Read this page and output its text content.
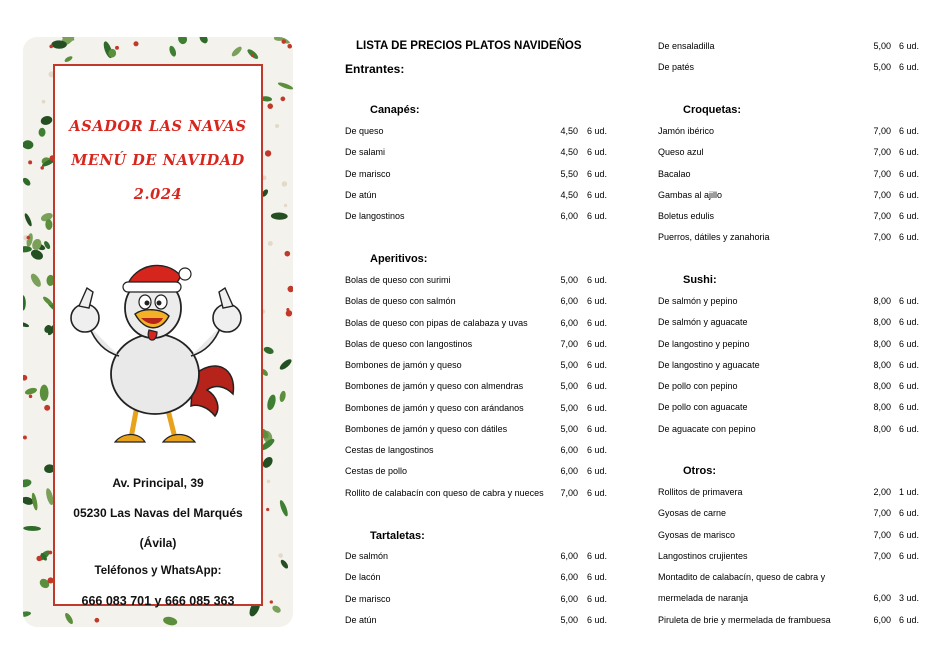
ASADOR LAS NAVAS
MENÚ DE NAVIDAD
2.024
Av. Principal, 39
05230 Las Navas del Marqués
(Ávila)
Teléfonos y WhatsApp:
666 083 701 y 666 085 363
LISTA DE PRECIOS PLATOS NAVIDEÑOS
Entrantes:
Canapés:
De queso	4,50 6 ud.
De salami	4,50 6 ud.
De marisco	5,50 6 ud.
De atún	4,50 6 ud.
De langostinos	6,00 6 ud.
Aperitivos:
Bolas de queso con surimi	5,00 6 ud.
Bolas de queso con salmón	6,00 6 ud.
Bolas de queso con pipas de calabaza y uvas	6,00 6 ud.
Bolas de queso con langostinos	7,00 6 ud.
Bombones de jamón y queso	5,00 6 ud.
Bombones de jamón y queso con almendras	5,00 6 ud.
Bombones de jamón y queso con arándanos	5,00 6 ud.
Bombones de jamón y queso con dátiles	5,00 6 ud.
Cestas de langostinos	6,00 6 ud.
Cestas de pollo	6,00 6 ud.
Rollito de calabacín con queso de cabra y nueces	7,00 6 ud.
Tartaletas:
De salmón	6,00 6 ud.
De lacón	6,00 6 ud.
De marisco	6,00 6 ud.
De atún	5,00 6 ud.
De ensaladilla	5,00 6 ud.
De patés	5,00 6 ud.
Croquetas:
Jamón ibérico	7,00 6 ud.
Queso azul	7,00 6 ud.
Bacalao	7,00 6 ud.
Gambas al ajillo	7,00 6 ud.
Boletus edulis	7,00 6 ud.
Puerros, dátiles y zanahoria	7,00 6 ud.
Sushi:
De salmón y pepino	8,00 6 ud.
De salmón y aguacate	8,00 6 ud.
De langostino y pepino	8,00 6 ud.
De langostino y aguacate	8,00 6 ud.
De pollo con pepino	8,00 6 ud.
De pollo con aguacate	8,00 6 ud.
De aguacate con pepino	8,00 6 ud.
Otros:
Rollitos de primavera	2,00 1 ud.
Gyosas de carne	7,00 6 ud.
Gyosas de marisco	7,00 6 ud.
Langostinos crujientes	7,00 6 ud.
Montadito de calabacín, queso de cabra y
mermelada de naranja	6,00 3 ud.
Piruleta de brie y mermelada de frambuesa	6,00 6 ud.
